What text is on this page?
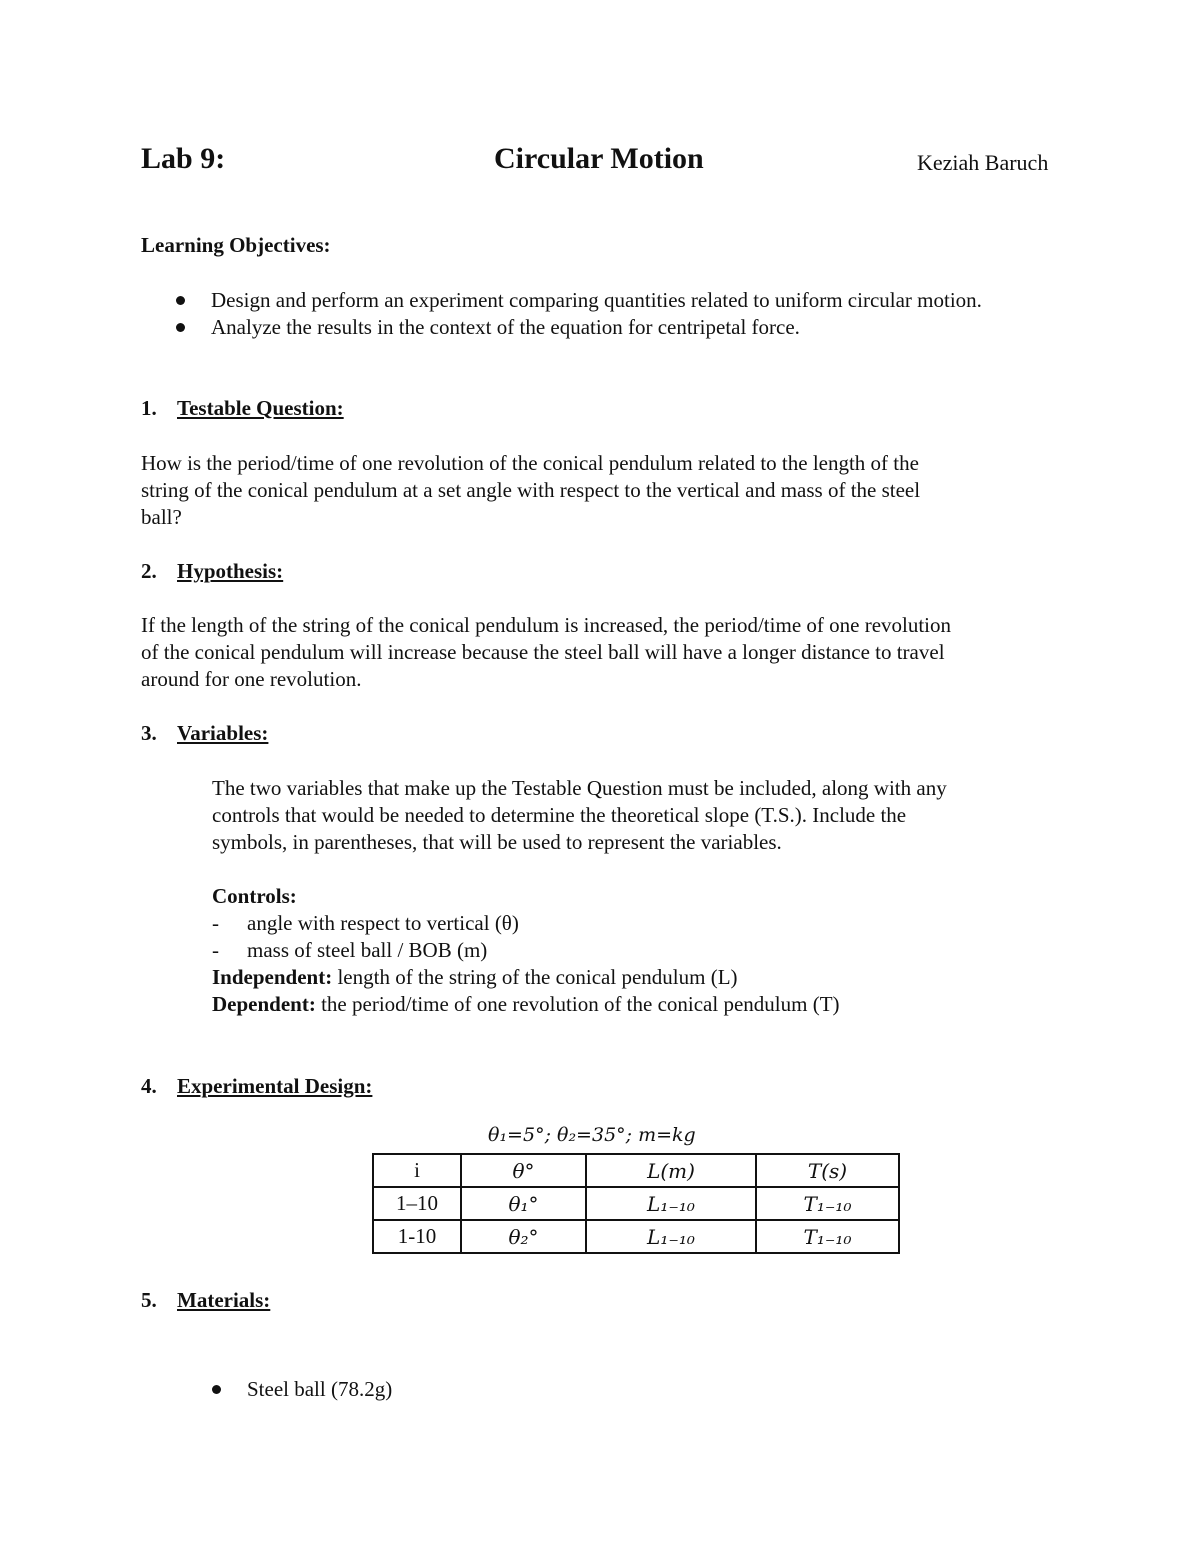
Lab 9:	Circular Motion	Keziah Baruch
Learning Objectives:
Design and perform an experiment comparing quantities related to uniform circular motion.
Analyze the results in the context of the equation for centripetal force.
1. Testable Question:
How is the period/time of one revolution of the conical pendulum related to the length of the
string of the conical pendulum at a set angle with respect to the vertical and mass of the steel
ball?
2. Hypothesis:
If the length of the string of the conical pendulum is increased, the period/time of one revolution
of the conical pendulum will increase because the steel ball will have a longer distance to travel
around for one revolution.
3. Variables:
The two variables that make up the Testable Question must be included, along with any
controls that would be needed to determine the theoretical slope (T.S.). Include the
symbols, in parentheses, that will be used to represent the variables.
Controls:
- angle with respect to vertical (θ)
- mass of steel ball / BOB (m)
Independent: length of the string of the conical pendulum (L)
Dependent: the period/time of one revolution of the conical pendulum (T)
4. Experimental Design:
θ₁=5°; θ₂=35°; m=kg
i	θ°	L(m)	T(s)
1–10	θ₁°	L₁₋₁₀	T₁₋₁₀
1-10	θ₂°	L₁₋₁₀	T₁₋₁₀
5. Materials:
Steel ball (78.2g)
